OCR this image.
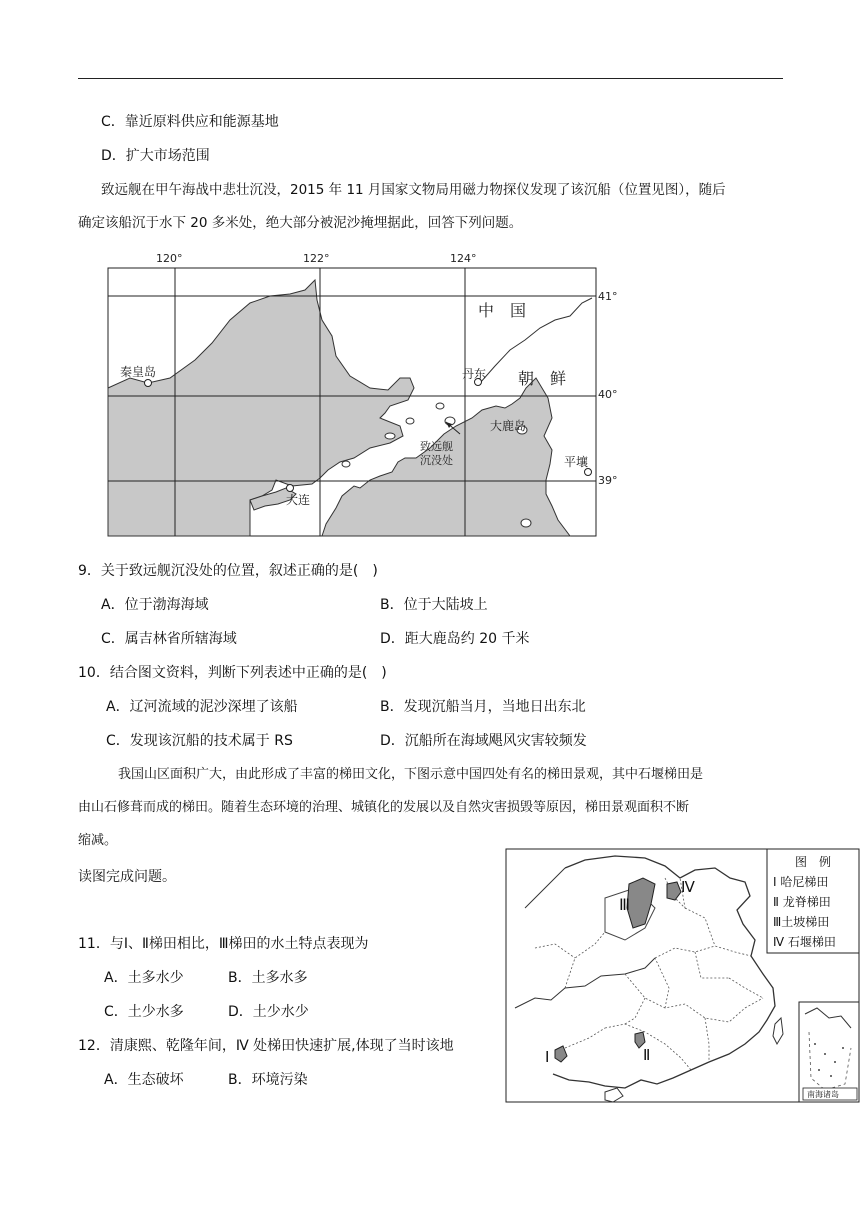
C．靠近原料供应和能源基地
D．扩大市场范围
致远舰在甲午海战中悲壮沉没，2015 年 11 月国家文物局用磁力物探仪发现了该沉船（位置见图），随后
确定该船沉于水下 20 多米处，绝大部分被泥沙掩埋据此，回答下列问题。
120°	122°	124°
41°
40°
39°
中　国
朝　鲜
秦皇岛	丹东
大鹿岛
平壤
大连
致远舰
沉没处
9．关于致远舰沉没处的位置，叙述正确的是(　)
A．位于渤海海域	B．位于大陆坡上
C．属吉林省所辖海域	D．距大鹿岛约 20 千米
10．结合图文资料，判断下列表述中正确的是(　)
A．辽河流域的泥沙深埋了该船	B．发现沉船当月，当地日出东北
C．发现该沉船的技术属于 RS	D．沉船所在海域飓风灾害较频发
我国山区面积广大，由此形成了丰富的梯田文化，下图示意中国四处有名的梯田景观，其中石堰梯田是
由山石修葺而成的梯田。随着生态环境的治理、城镇化的发展以及自然灾害损毁等原因，梯田景观面积不断
缩减。
读图完成问题。
11．与Ⅰ、Ⅱ梯田相比，Ⅲ梯田的水土特点表现为
A．土多水少	B．土多水多
C．土少水多	D．土少水少
12．清康熙、乾隆年间，Ⅳ 处梯田快速扩展,体现了当时该地
A．生态破坏	B．环境污染
Ⅲ
Ⅳ
Ⅰ	Ⅱ
图　例
Ⅰ 哈尼梯田
Ⅱ 龙脊梯田
Ⅲ土坡梯田
Ⅳ 石堰梯田
南海诸岛
